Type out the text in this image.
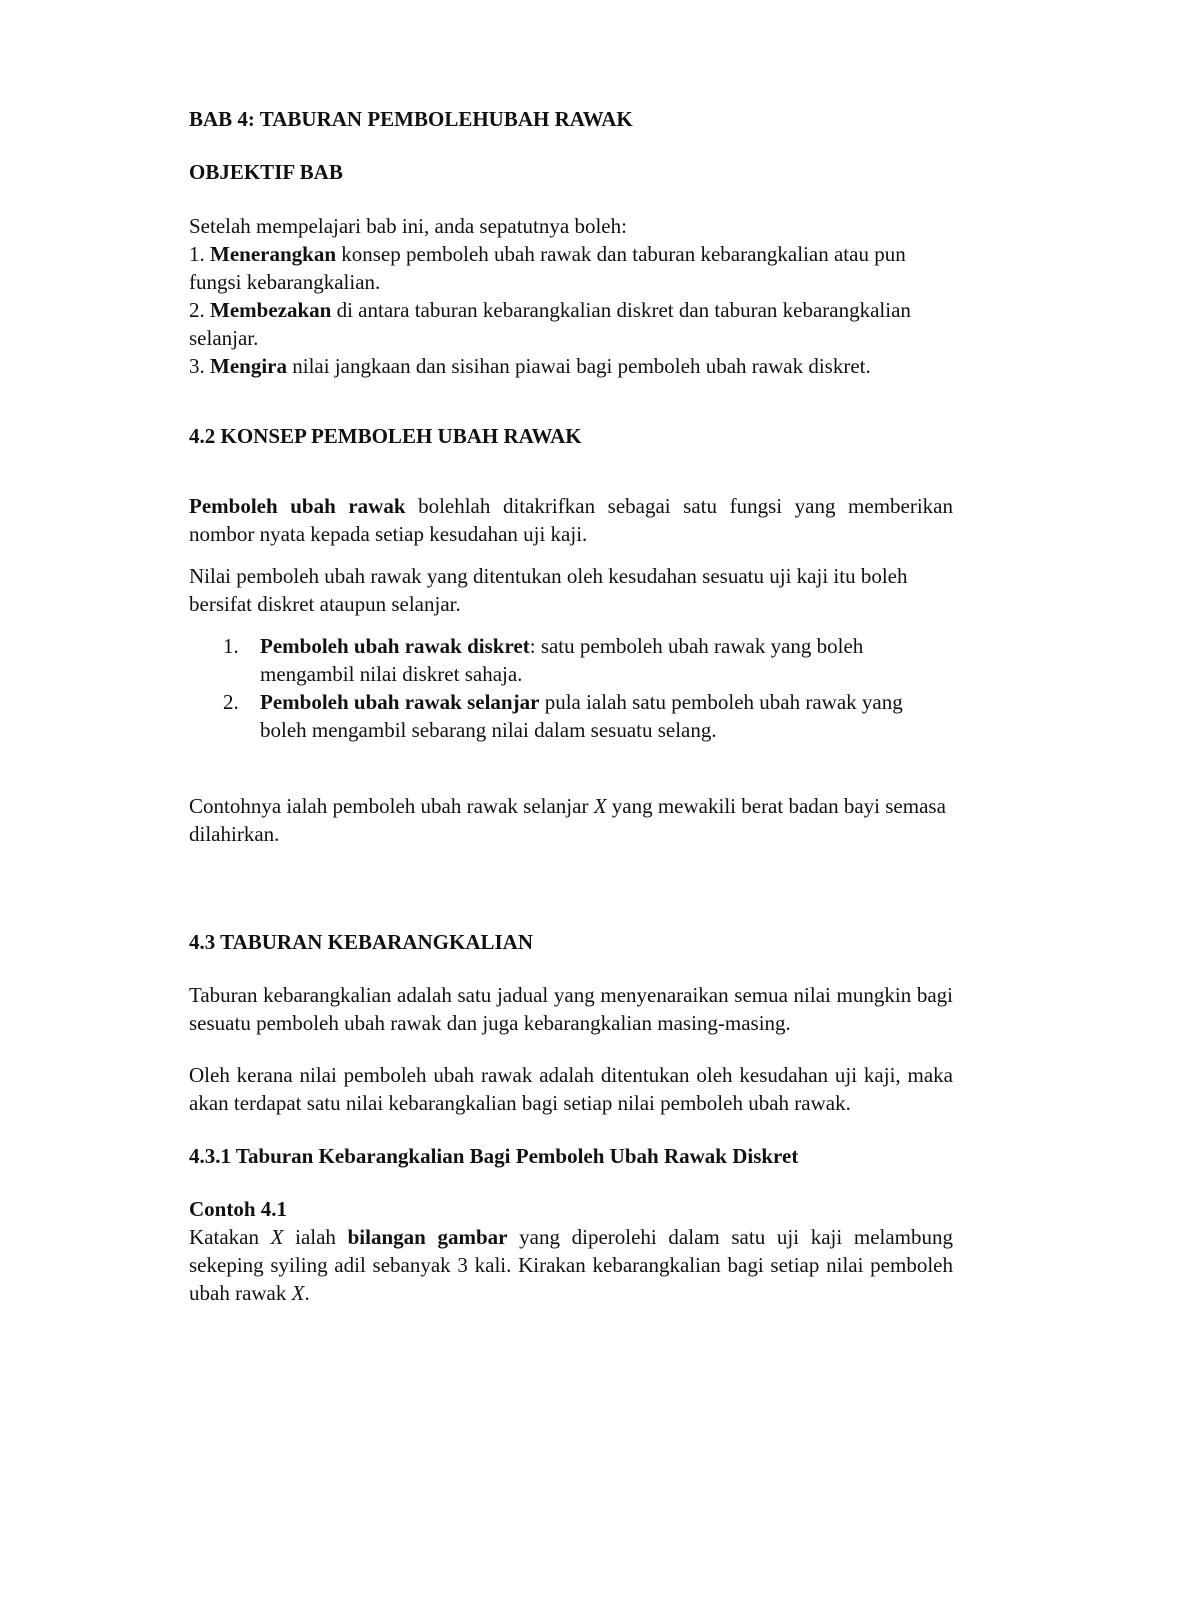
BAB 4: TABURAN PEMBOLEHUBAH RAWAK

OBJEKTIF BAB

Setelah mempelajari bab ini, anda sepatutnya boleh:

1. Menerangkan konsep pemboleh ubah rawak dan taburan kebarangkalian atau pun fungsi kebarangkalian.

2. Membezakan di antara taburan kebarangkalian diskret dan taburan kebarangkalian selanjar.

3. Mengira nilai jangkaan dan sisihan piawai bagi pemboleh ubah rawak diskret.

4.2 KONSEP PEMBOLEH UBAH RAWAK

Pemboleh ubah rawak bolehlah ditakrifkan sebagai satu fungsi yang memberikan nombor nyata kepada setiap kesudahan uji kaji.

Nilai pemboleh ubah rawak yang ditentukan oleh kesudahan sesuatu uji kaji itu boleh bersifat diskret ataupun selanjar.

1. Pemboleh ubah rawak diskret: satu pemboleh ubah rawak yang boleh mengambil nilai diskret sahaja.
2. Pemboleh ubah rawak selanjar pula ialah satu pemboleh ubah rawak yang boleh mengambil sebarang nilai dalam sesuatu selang.

Contohnya ialah pemboleh ubah rawak selanjar X yang mewakili berat badan bayi semasa dilahirkan.

4.3 TABURAN KEBARANGKALIAN

Taburan kebarangkalian adalah satu jadual yang menyenaraikan semua nilai mungkin bagi sesuatu pemboleh ubah rawak dan juga kebarangkalian masing-masing.

Oleh kerana nilai pemboleh ubah rawak adalah ditentukan oleh kesudahan uji kaji, maka akan terdapat satu nilai kebarangkalian bagi setiap nilai pemboleh ubah rawak.

4.3.1 Taburan Kebarangkalian Bagi Pemboleh Ubah Rawak Diskret

Contoh 4.1

Katakan X ialah bilangan gambar yang diperolehi dalam satu uji kaji melambung sekeping syiling adil sebanyak 3 kali. Kirakan kebarangkalian bagi setiap nilai pemboleh ubah rawak X.
